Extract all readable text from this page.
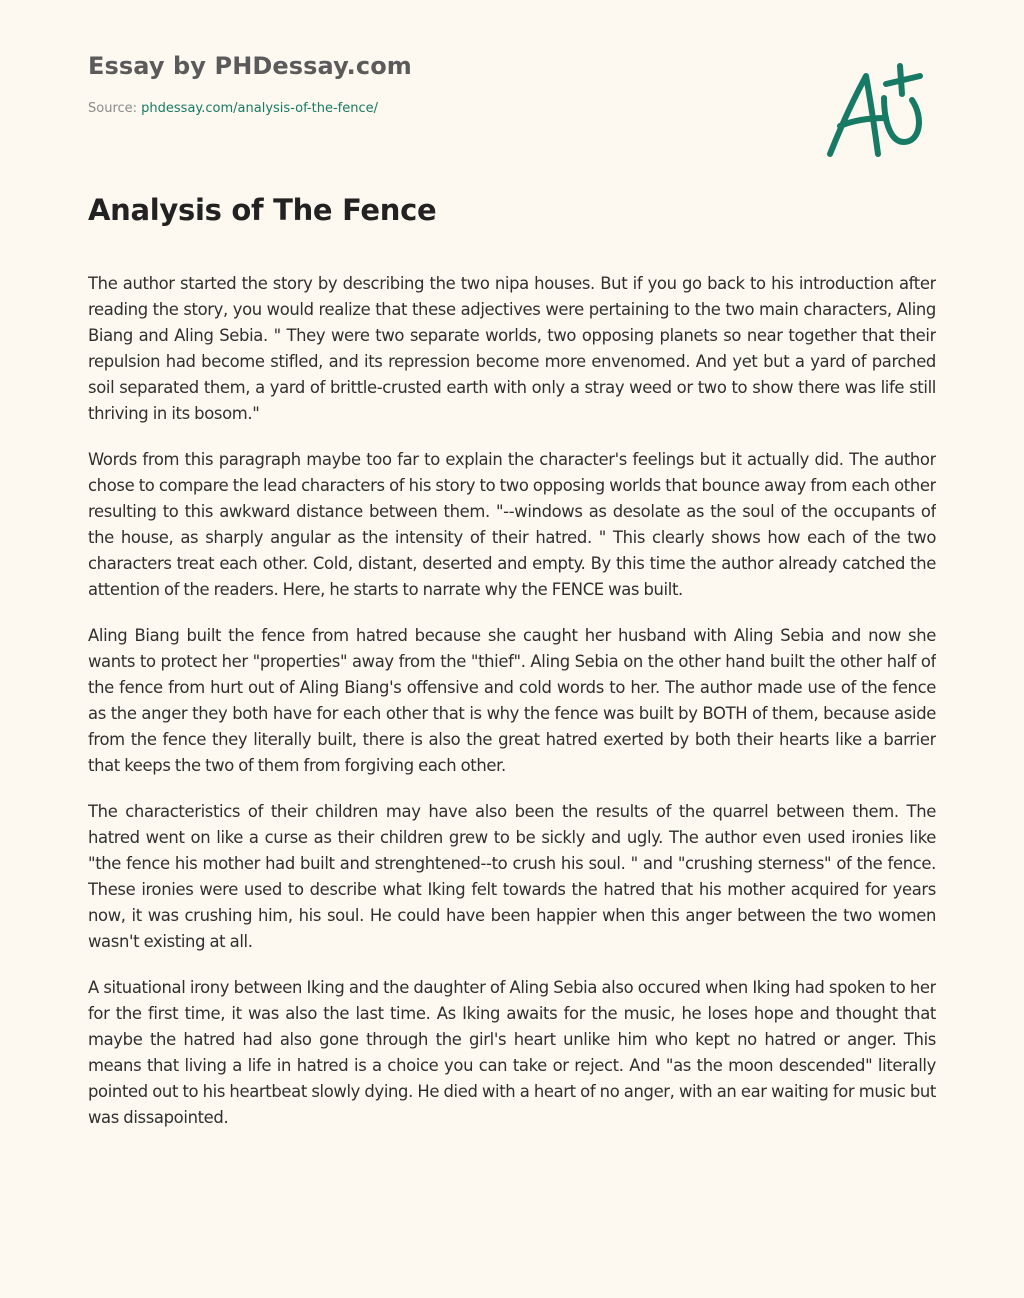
Essay by PHDessay.com
Source: phdessay.com/analysis-of-the-fence/
Analysis of The Fence

The author started the story by describing the two nipa houses. But if you go back to his introduction after reading the story, you would realize that these adjectives were pertaining to the two main characters, Aling Biang and Aling Sebia. " They were two separate worlds, two opposing planets so near together that their repulsion had become stifled, and its repression become more envenomed. And yet but a yard of parched soil separated them, a yard of brittle-crusted earth with only a stray weed or two to show there was life still thriving in its bosom."

Words from this paragraph maybe too far to explain the character's feelings but it actually did. The author chose to compare the lead characters of his story to two opposing worlds that bounce away from each other resulting to this awkward distance between them. "--windows as desolate as the soul of the occupants of the house, as sharply angular as the intensity of their hatred. " This clearly shows how each of the two characters treat each other. Cold, distant, deserted and empty. By this time the author already catched the attention of the readers. Here, he starts to narrate why the FENCE was built.

Aling Biang built the fence from hatred because she caught her husband with Aling Sebia and now she wants to protect her "properties" away from the "thief". Aling Sebia on the other hand built the other half of the fence from hurt out of Aling Biang's offensive and cold words to her. The author made use of the fence as the anger they both have for each other that is why the fence was built by BOTH of them, because aside from the fence they literally built, there is also the great hatred exerted by both their hearts like a barrier that keeps the two of them from forgiving each other.

The characteristics of their children may have also been the results of the quarrel between them. The hatred went on like a curse as their children grew to be sickly and ugly. The author even used ironies like "the fence his mother had built and strenghtened--to crush his soul. " and "crushing sterness" of the fence. These ironies were used to describe what Iking felt towards the hatred that his mother acquired for years now, it was crushing him, his soul. He could have been happier when this anger between the two women wasn't existing at all.

A situational irony between Iking and the daughter of Aling Sebia also occured when Iking had spoken to her for the first time, it was also the last time. As Iking awaits for the music, he loses hope and thought that maybe the hatred had also gone through the girl's heart unlike him who kept no hatred or anger. This means that living a life in hatred is a choice you can take or reject. And "as the moon descended" literally pointed out to his heartbeat slowly dying. He died with a heart of no anger, with an ear waiting for music but was dissapointed.
